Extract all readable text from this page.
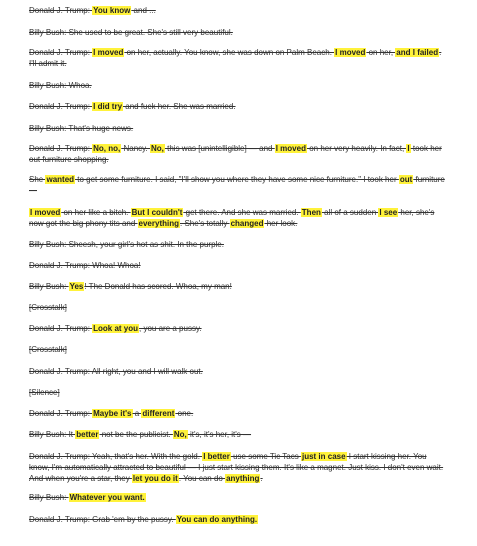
Donald J. Trump: You know and ...

Billy Bush: She used to be great. She's still very beautiful.

Donald J. Trump: I moved on her, actually. You know, she was down on Palm Beach. I moved on her, and I failed. I'll admit it.

Billy Bush: Whoa.

Donald J. Trump: I did try and fuck her. She was married.

Billy Bush: That's huge news.

Donald J. Trump: No, no, Nancy. No, this was [unintelligible] — and I moved on her very heavily. In fact, I took her out furniture shopping.

She wanted to get some furniture. I said, "I'll show you where they have some nice furniture." I took her out furniture —

I moved on her like a bitch. But I couldn't get there. And she was married. Then all of a sudden I see her, she's now got the big phony tits and everything. She's totally changed her look.

Billy Bush: Sheesh, your girl's hot as shit. In the purple.

Donald J. Trump: Whoa! Whoa!

Billy Bush: Yes! The Donald has scored. Whoa, my man!

[Crosstalk]

Donald J. Trump: Look at you, you are a pussy.

[Crosstalk]

Donald J. Trump: All right, you and I will walk out.

[Silence]

Donald J. Trump: Maybe it's a different one.

Billy Bush: It better not be the publicist. No, it's, it's her, it's —

Donald J. Trump: Yeah, that's her. With the gold. I better use some Tic Tacs just in case I start kissing her. You know, I'm automatically attracted to beautiful — I just start kissing them. It's like a magnet. Just kiss. I don't even wait. And when you're a star, they let you do it. You can do anything.

Billy Bush: Whatever you want.

Donald J. Trump: Grab 'em by the pussy. You can do anything.
